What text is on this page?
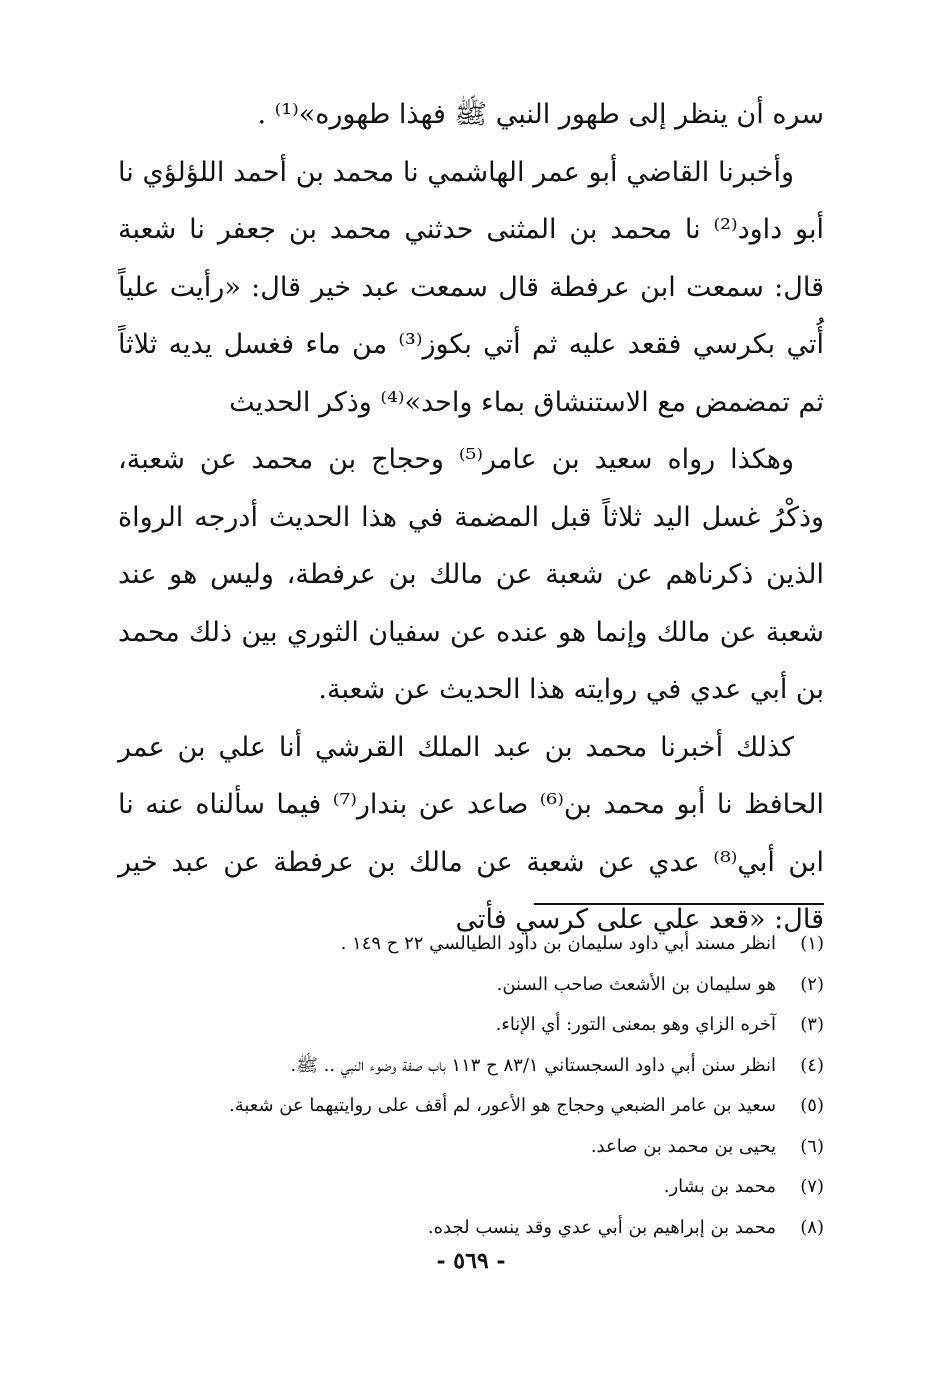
سره أن ينظر إلى طهور النبي ﷺ فهذا طهوره»⁽¹⁾ .

وأخبرنا القاضي أبو عمر الهاشمي نا محمد بن أحمد اللؤلؤي نا أبو داود⁽²⁾ نا محمد بن المثنى حدثني محمد بن جعفر نا شعبة قال: سمعت ابن عرفطة قال سمعت عبد خير قال: «رأيت علياً أُتي بكرسي فقعد عليه ثم أتي بكوز⁽³⁾ من ماء فغسل يديه ثلاثاً ثم تمضمض مع الاستنشاق بماء واحد»⁽⁴⁾ وذكر الحديث

وهكذا رواه سعيد بن عامر⁽⁵⁾ وحجاج بن محمد عن شعبة، وذكْرُ غسل اليد ثلاثاً قبل المضمة في هذا الحديث أدرجه الرواة الذين ذكرناهم عن شعبة عن مالك بن عرفطة، وليس هو عند شعبة عن مالك وإنما هو عنده عن سفيان الثوري بين ذلك محمد بن أبي عدي في روايته هذا الحديث عن شعبة.

كذلك أخبرنا محمد بن عبد الملك القرشي أنا علي بن عمر الحافظ نا أبو محمد بن⁽⁶⁾ صاعد عن بندار⁽⁷⁾ فيما سألناه عنه نا ابن أبي⁽⁸⁾ عدي عن شعبة عن مالك بن عرفطة عن عبد خير قال: «قعد علي على كرسي فأتى

(١)
انظر مسند أبي داود سليمان بن داود الطيالسي ٢٢ ح ١٤٩ .
(٢)
هو سليمان بن الأشعث صاحب السنن.
(٣)
آخره الزاي وهو بمعنى التور: أي الإناء.
(٤)
انظر سنن أبي داود السجستاني ٨٣/١ ح ١١٣ باب صفة وضوء النبي .. ﷺ.
(٥)
سعيد بن عامر الضبعي وحجاج هو الأعور، لم أقف على روايتيهما عن شعبة.
(٦)
يحيى بن محمد بن صاعد.
(٧)
محمد بن بشار.
(٨)
محمد بن إبراهيم بن أبي عدي وقد ينسب لجده.
- ٥٦٩ -
